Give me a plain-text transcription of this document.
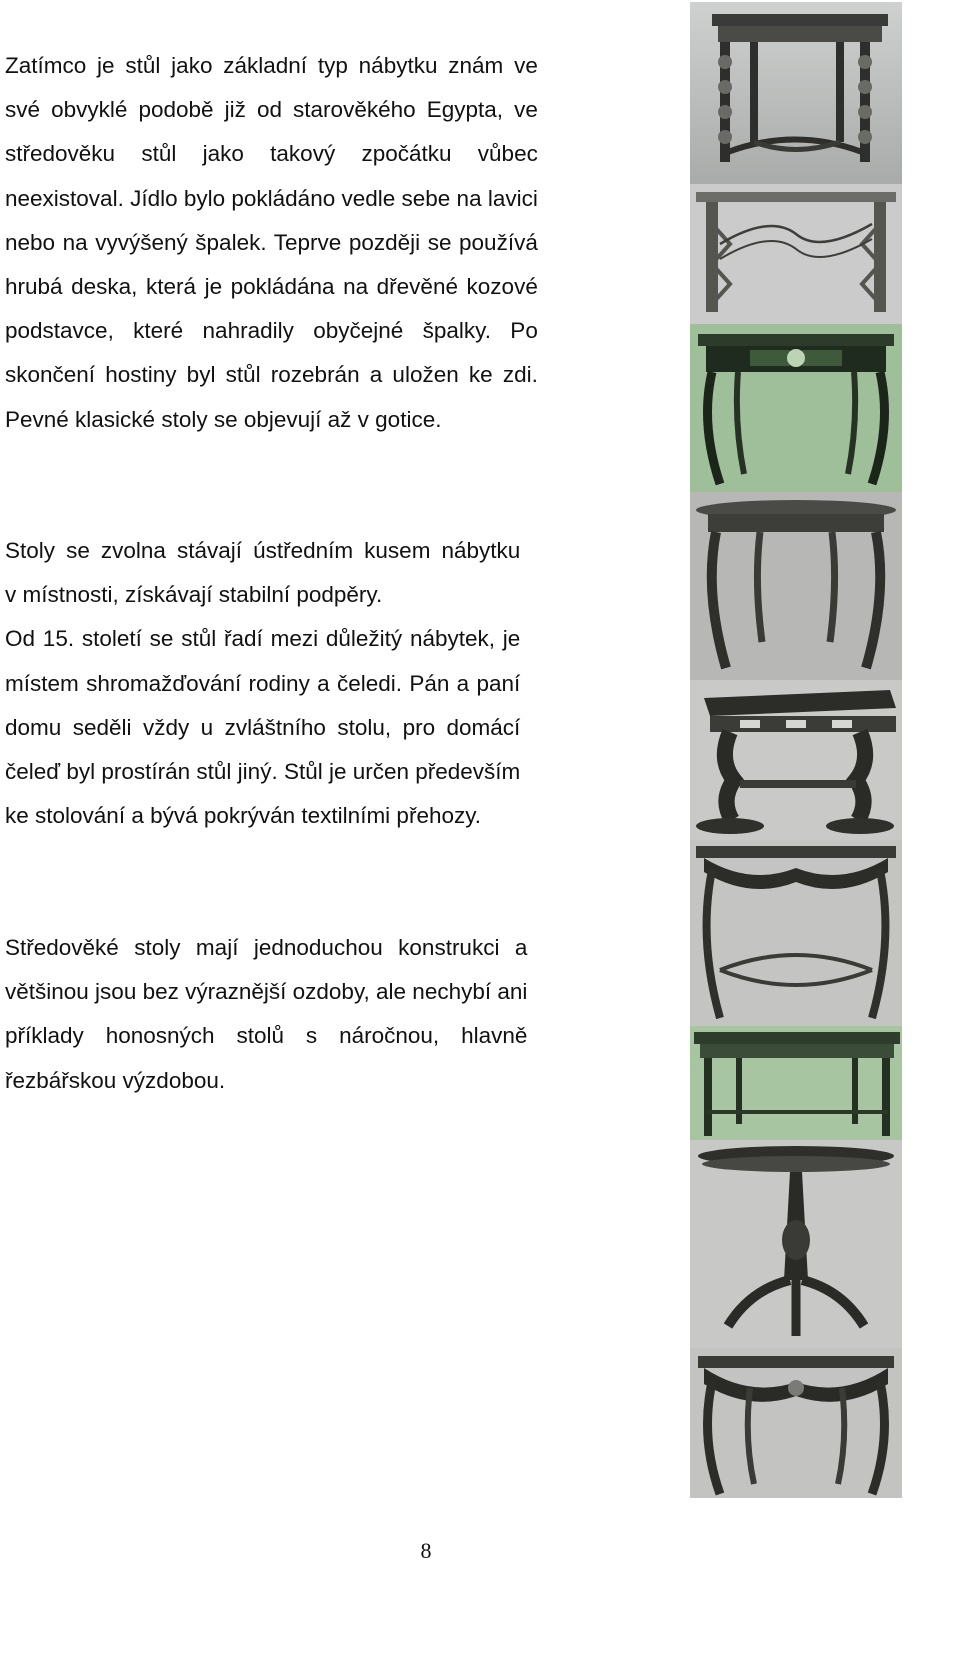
Zatímco je stůl jako základní typ nábytku znám ve
své obvyklé podobě již od starověkého Egypta, ve
středověku stůl jako takový zpočátku vůbec
neexistoval. Jídlo bylo pokládáno vedle sebe na lavici
nebo na vyvýšený špalek. Teprve později se používá
hrubá deska, která je pokládána na dřevěné kozové
podstavce, které nahradily obyčejné špalky. Po
skončení hostiny byl stůl rozebrán a uložen ke zdi.
Pevné klasické stoly se objevují až v gotice.

Stoly se zvolna stávají ústředním kusem nábytku
v místnosti, získávají stabilní podpěry.
Od 15. století se stůl řadí mezi důležitý nábytek, je
místem shromažďování rodiny a čeledi. Pán a paní
domu seděli vždy u zvláštního stolu, pro domácí
čeleď byl prostírán stůl jiný. Stůl je určen především
ke stolování a bývá pokrýván textilními přehozy.

Středověké stoly mají jednoduchou konstrukci a
většinou jsou bez výraznější ozdoby, ale nechybí ani
příklady honosných stolů s náročnou, hlavně
řezbářskou výzdobou.

8
